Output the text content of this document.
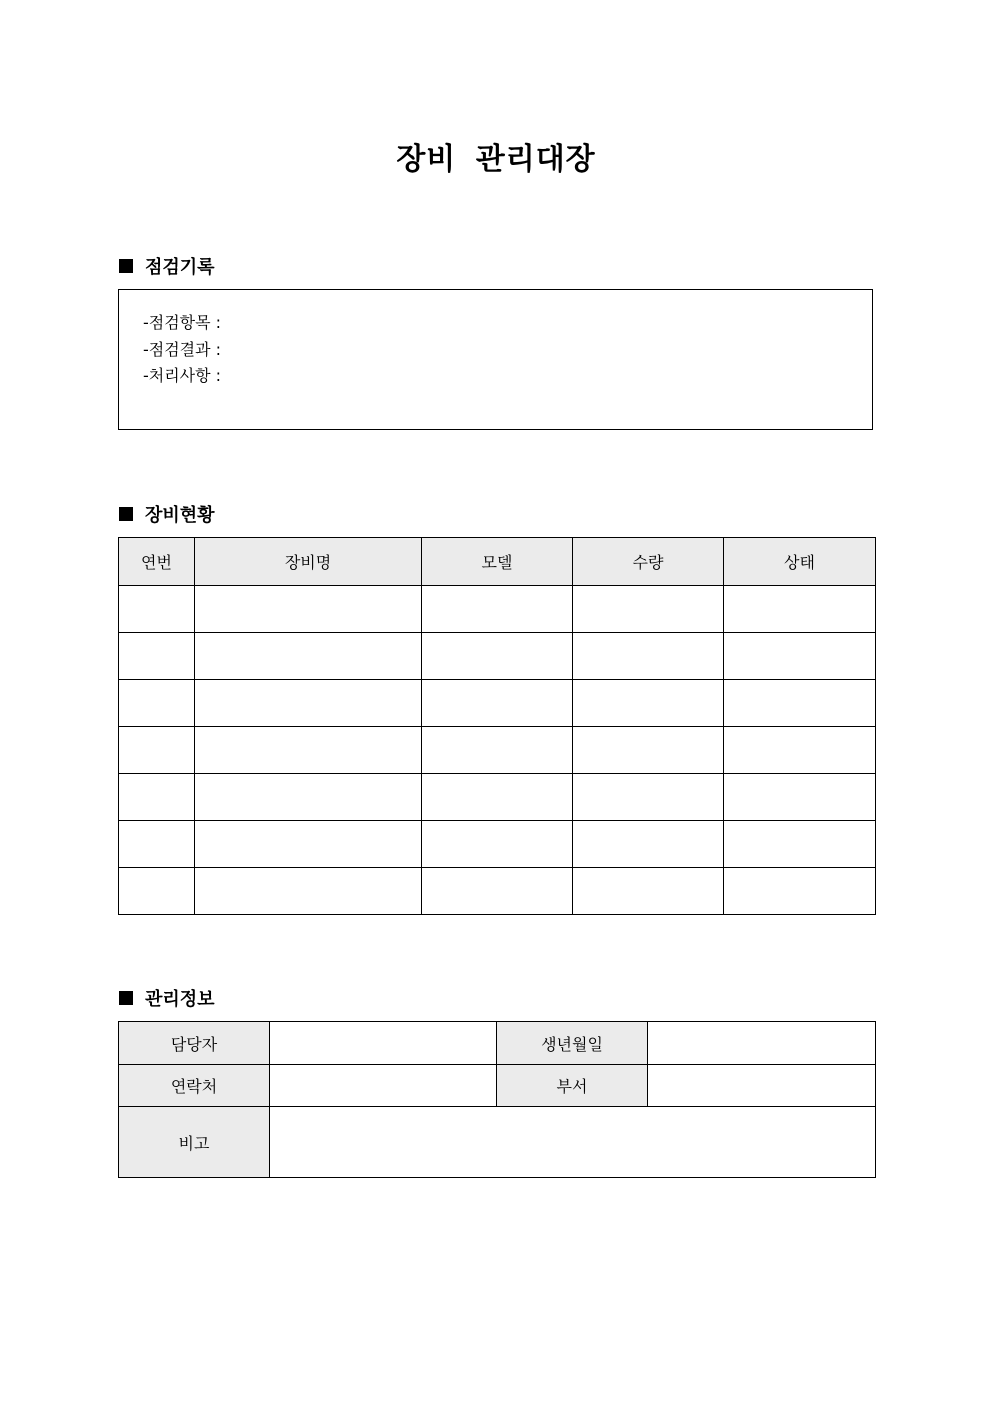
장비 관리대장
점검기록
-점검항목 :
-점검결과 :
-처리사항 :
장비현황
연번	장비명	모델	수량	상태

관리정보
담당자		생년월일	
연락처		부서	
비고			
